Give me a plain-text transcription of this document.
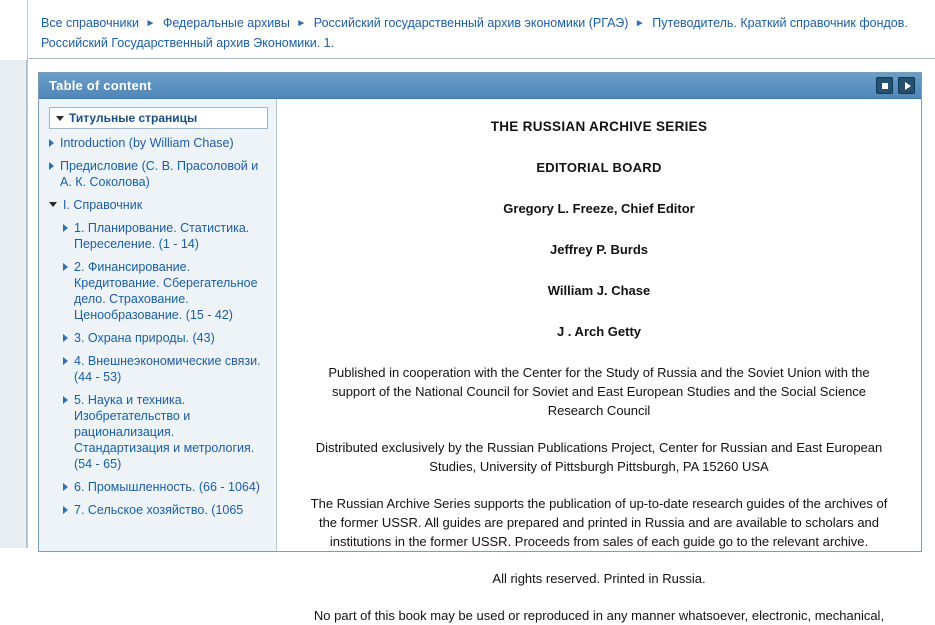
Все справочники ► Федеральные архивы ► Российский государственный архив экономики (РГАЭ) ► Путеводитель. Краткий справочник фондов. Российский Государственный архив Экономики. 1.
Table of content
Титульные страницы
Introduction (by William Chase)
Предисловие (С. В. Прасоловой и А. К. Соколова)
I. Справочник
1. Планирование. Статистика. Переселение. (1 - 14)
2. Финансирование. Кредитование. Сберегательное дело. Страхование. Ценообразование. (15 - 42)
3. Охрана природы. (43)
4. Внешнеэкономические связи. (44 - 53)
5. Наука и техника. Изобретательство и рационализация. Стандартизация и метрология. (54 - 65)
6. Промышленность. (66 - 1064)
7. Сельское хозяйство. (1065
THE RUSSIAN ARCHIVE SERIES
EDITORIAL BOARD
Gregory L. Freeze, Chief Editor
Jeffrey P. Burds
William J. Chase
J . Arch Getty

Published in cooperation with the Center for the Study of Russia and the Soviet Union with the support of the National Council for Soviet and East European Studies and the Social Science Research Council

Distributed exclusively by the Russian Publications Project, Center for Russian and East European Studies, University of Pittsburgh Pittsburgh, PA 15260 USA

The Russian Archive Series supports the publication of up-to-date research guides of the archives of the former USSR. All guides are prepared and printed in Russia and are available to scholars and institutions in the former USSR. Proceeds from sales of each guide go to the relevant archive.

All rights reserved. Printed in Russia.

No part of this book may be used or reproduced in any manner whatsoever, electronic, mechanical,
